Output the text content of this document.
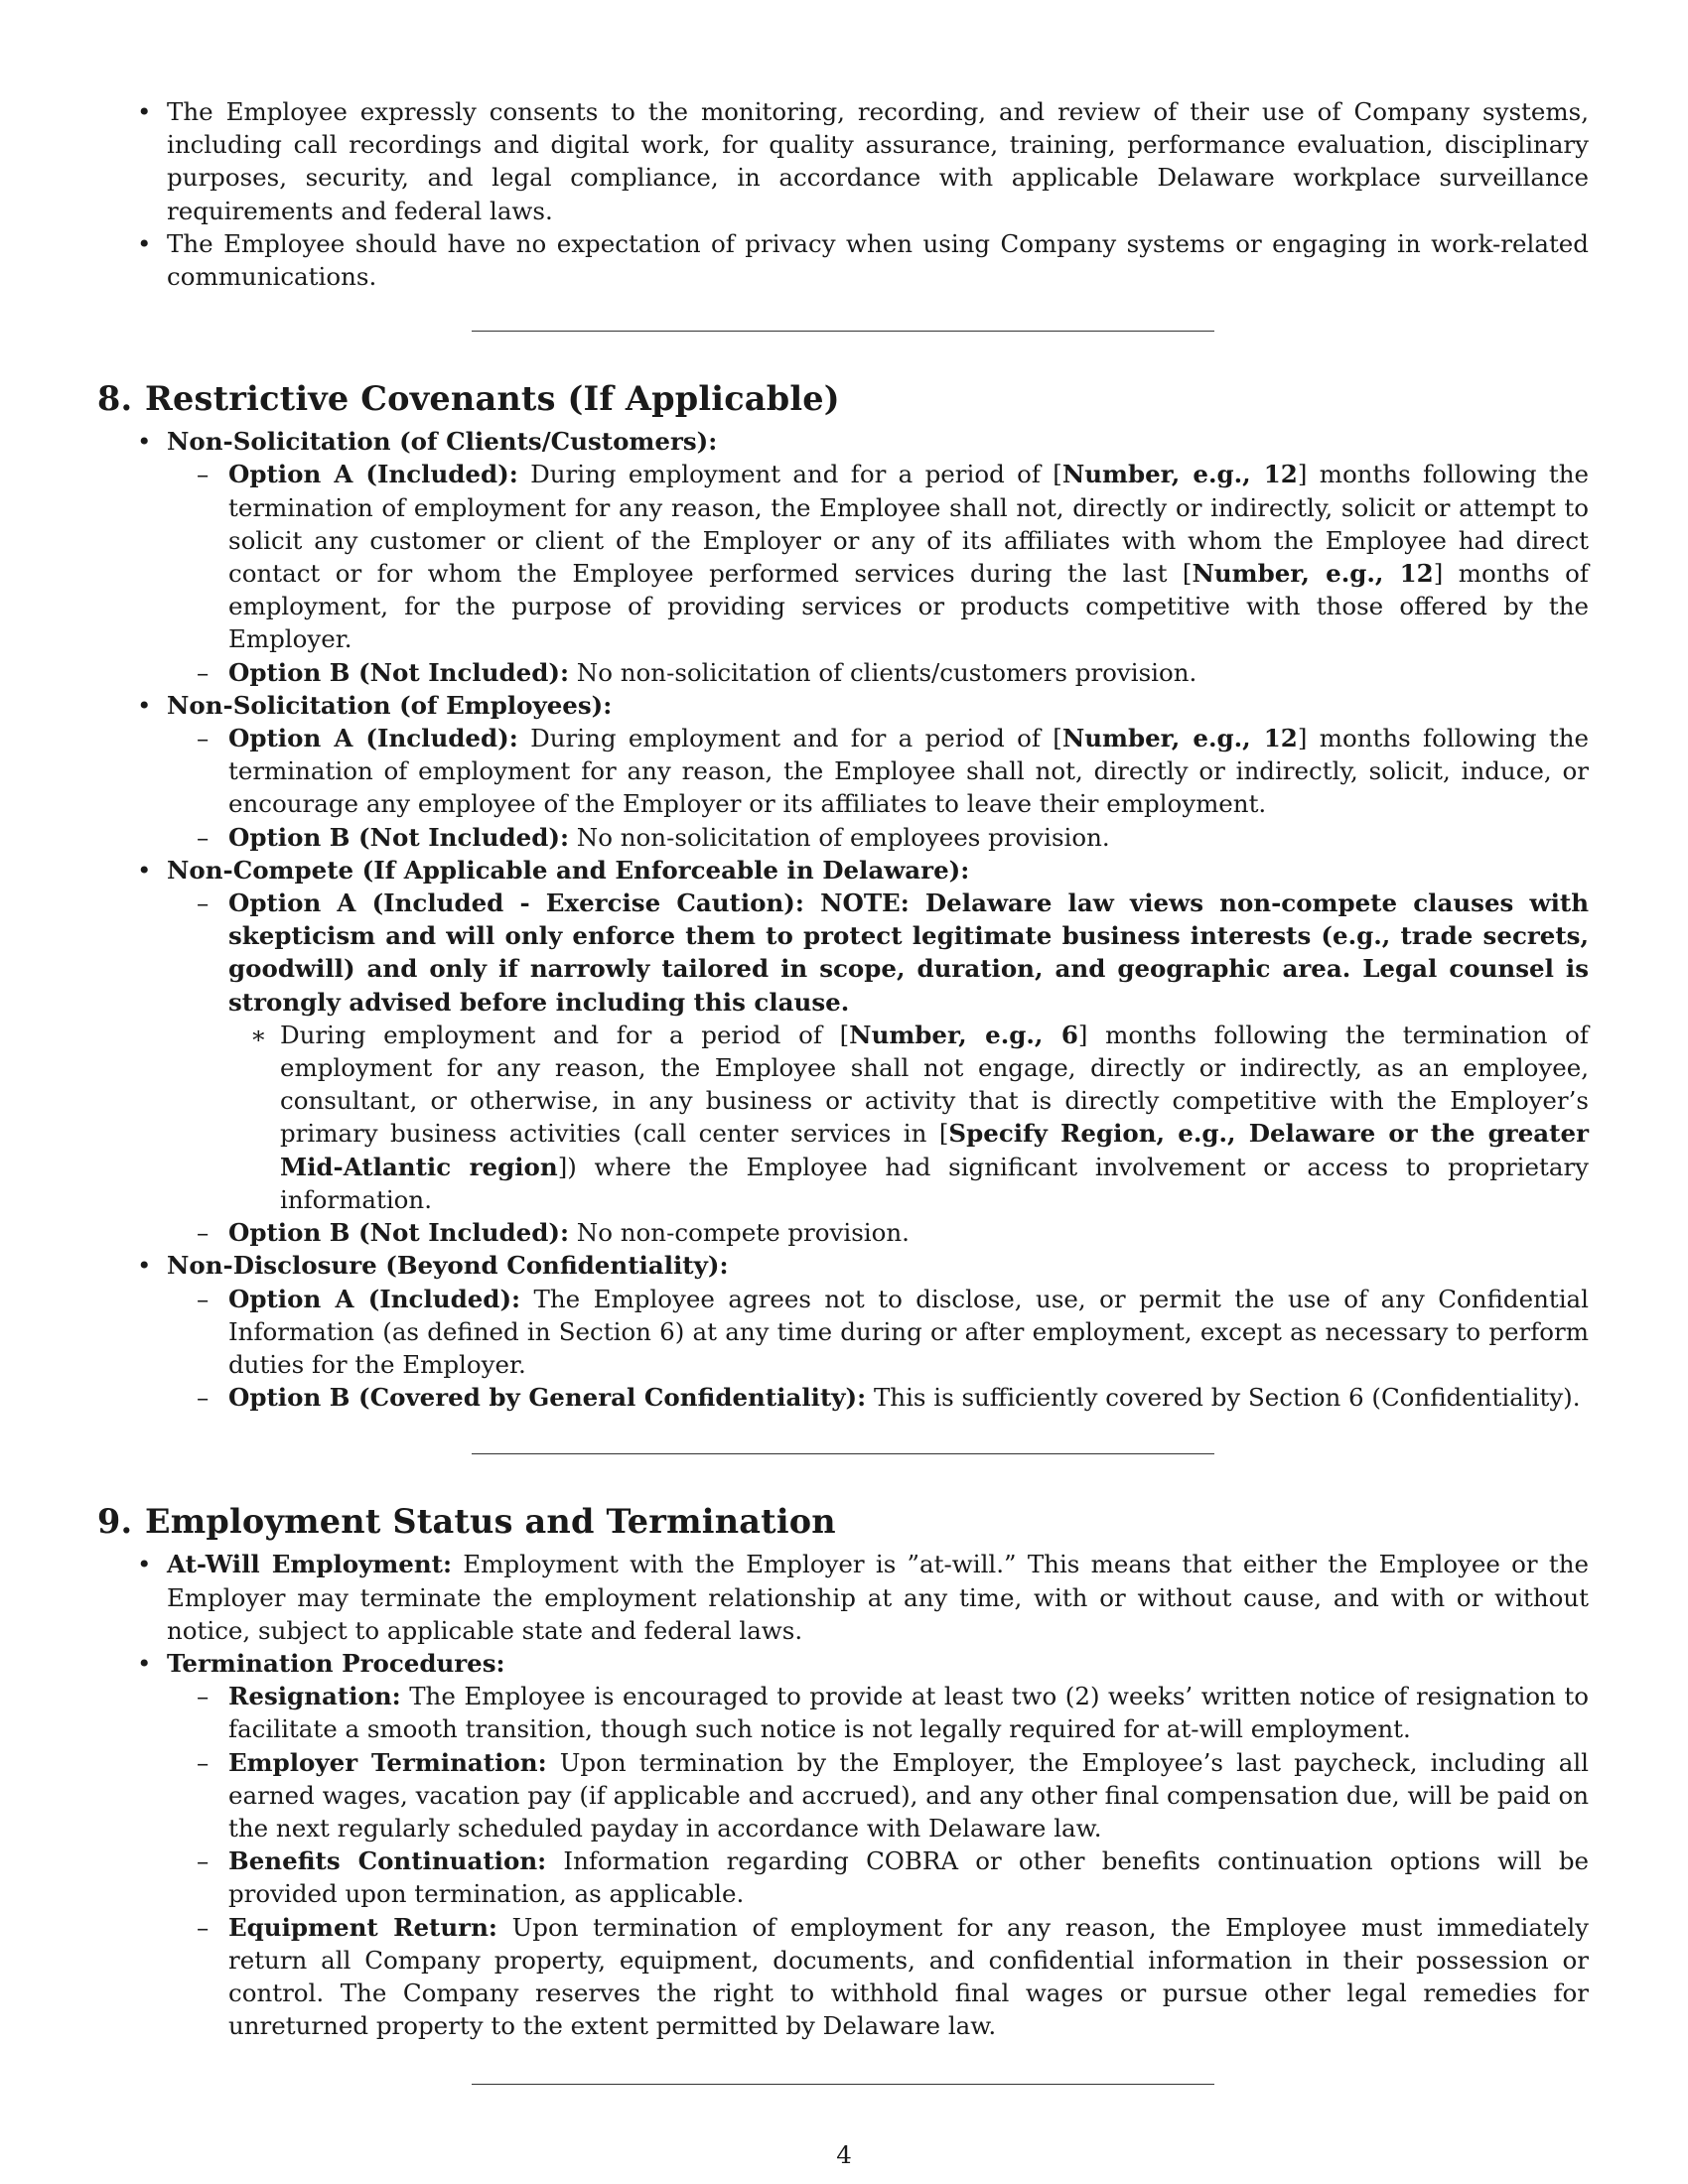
• The Employee expressly consents to the monitoring, recording, and review of their use of Company systems, including call recordings and digital work, for quality assurance, training, performance evaluation, disciplinary purposes, security, and legal compliance, in accordance with applicable Delaware workplace surveillance requirements and federal laws.
• The Employee should have no expectation of privacy when using Company systems or engaging in work-related communications.
8. Restrictive Covenants (If Applicable)
• Non-Solicitation (of Clients/Customers):
– Option A (Included): During employment and for a period of [Number, e.g., 12] months following the termination of employment for any reason, the Employee shall not, directly or indirectly, solicit or attempt to solicit any customer or client of the Employer or any of its affiliates with whom the Employee had direct contact or for whom the Employee performed services during the last [Number, e.g., 12] months of employment, for the purpose of providing services or products competitive with those offered by the Employer.
– Option B (Not Included): No non-solicitation of clients/customers provision.
• Non-Solicitation (of Employees):
– Option A (Included): During employment and for a period of [Number, e.g., 12] months following the termination of employment for any reason, the Employee shall not, directly or indirectly, solicit, induce, or encourage any employee of the Employer or its affiliates to leave their employment.
– Option B (Not Included): No non-solicitation of employees provision.
• Non-Compete (If Applicable and Enforceable in Delaware):
– Option A (Included - Exercise Caution): NOTE: Delaware law views non-compete clauses with skepticism and will only enforce them to protect legitimate business interests (e.g., trade secrets, goodwill) and only if narrowly tailored in scope, duration, and geographic area. Legal counsel is strongly advised before including this clause.
∗ During employment and for a period of [Number, e.g., 6] months following the termination of employment for any reason, the Employee shall not engage, directly or indirectly, as an employee, consultant, or otherwise, in any business or activity that is directly competitive with the Employer’s primary business activities (call center services in [Specify Region, e.g., Delaware or the greater Mid-Atlantic region]) where the Employee had significant involvement or access to proprietary information.
– Option B (Not Included): No non-compete provision.
• Non-Disclosure (Beyond Confidentiality):
– Option A (Included): The Employee agrees not to disclose, use, or permit the use of any Confidential Information (as defined in Section 6) at any time during or after employment, except as necessary to perform duties for the Employer.
– Option B (Covered by General Confidentiality): This is sufficiently covered by Section 6 (Confidentiality).
9. Employment Status and Termination
• At-Will Employment: Employment with the Employer is ”at-will.” This means that either the Employee or the Employer may terminate the employment relationship at any time, with or without cause, and with or without notice, subject to applicable state and federal laws.
• Termination Procedures:
– Resignation: The Employee is encouraged to provide at least two (2) weeks’ written notice of resignation to facilitate a smooth transition, though such notice is not legally required for at-will employment.
– Employer Termination: Upon termination by the Employer, the Employee’s last paycheck, including all earned wages, vacation pay (if applicable and accrued), and any other final compensation due, will be paid on the next regularly scheduled payday in accordance with Delaware law.
– Benefits Continuation: Information regarding COBRA or other benefits continuation options will be provided upon termination, as applicable.
– Equipment Return: Upon termination of employment for any reason, the Employee must immediately return all Company property, equipment, documents, and confidential information in their possession or control. The Company reserves the right to withhold final wages or pursue other legal remedies for unreturned property to the extent permitted by Delaware law.
4
